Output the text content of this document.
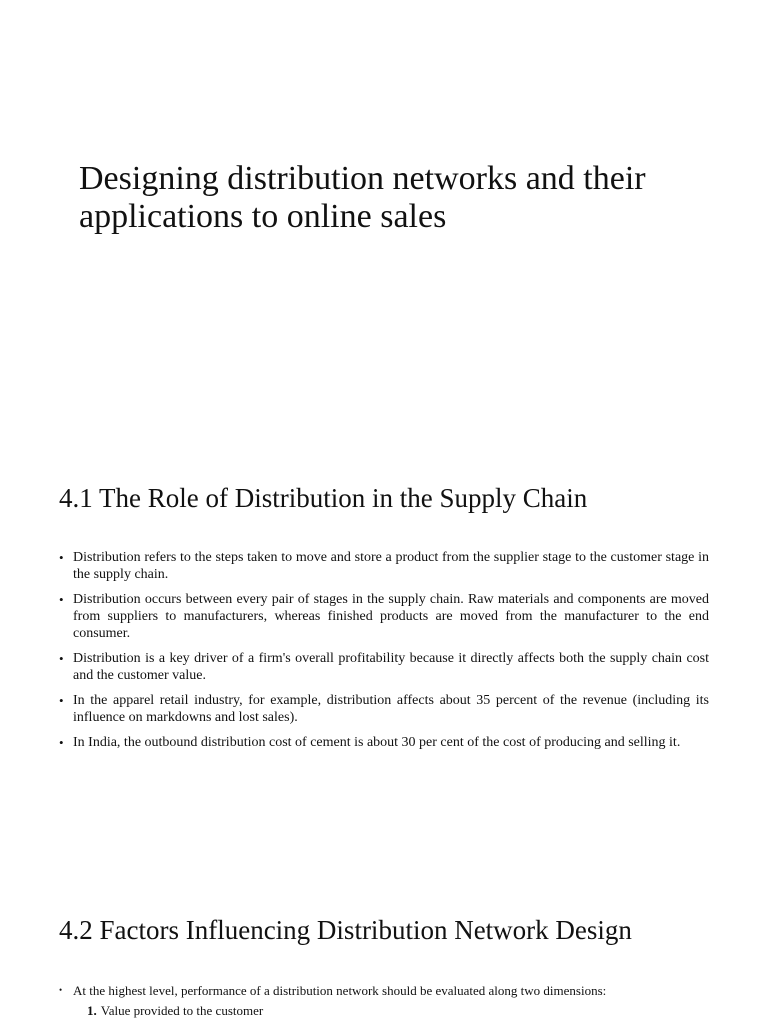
Designing distribution networks and their applications to online sales
4.1 The Role of Distribution in the Supply Chain
• Distribution refers to the steps taken to move and store a product from the supplier stage to the customer stage in the supply chain.
• Distribution occurs between every pair of stages in the supply chain. Raw materials and components are moved from suppliers to manufacturers, whereas finished products are moved from the manufacturer to the end consumer.
• Distribution is a key driver of a firm's overall profitability because it directly affects both the supply chain cost and the customer value.
• In the apparel retail industry, for example, distribution affects about 35 percent of the revenue (including its influence on markdowns and lost sales).
• In India, the outbound distribution cost of cement is about 30 per cent of the cost of producing and selling it.
4.2 Factors Influencing Distribution Network Design
• At the highest level, performance of a distribution network should be evaluated along two dimensions:
1. Value provided to the customer
